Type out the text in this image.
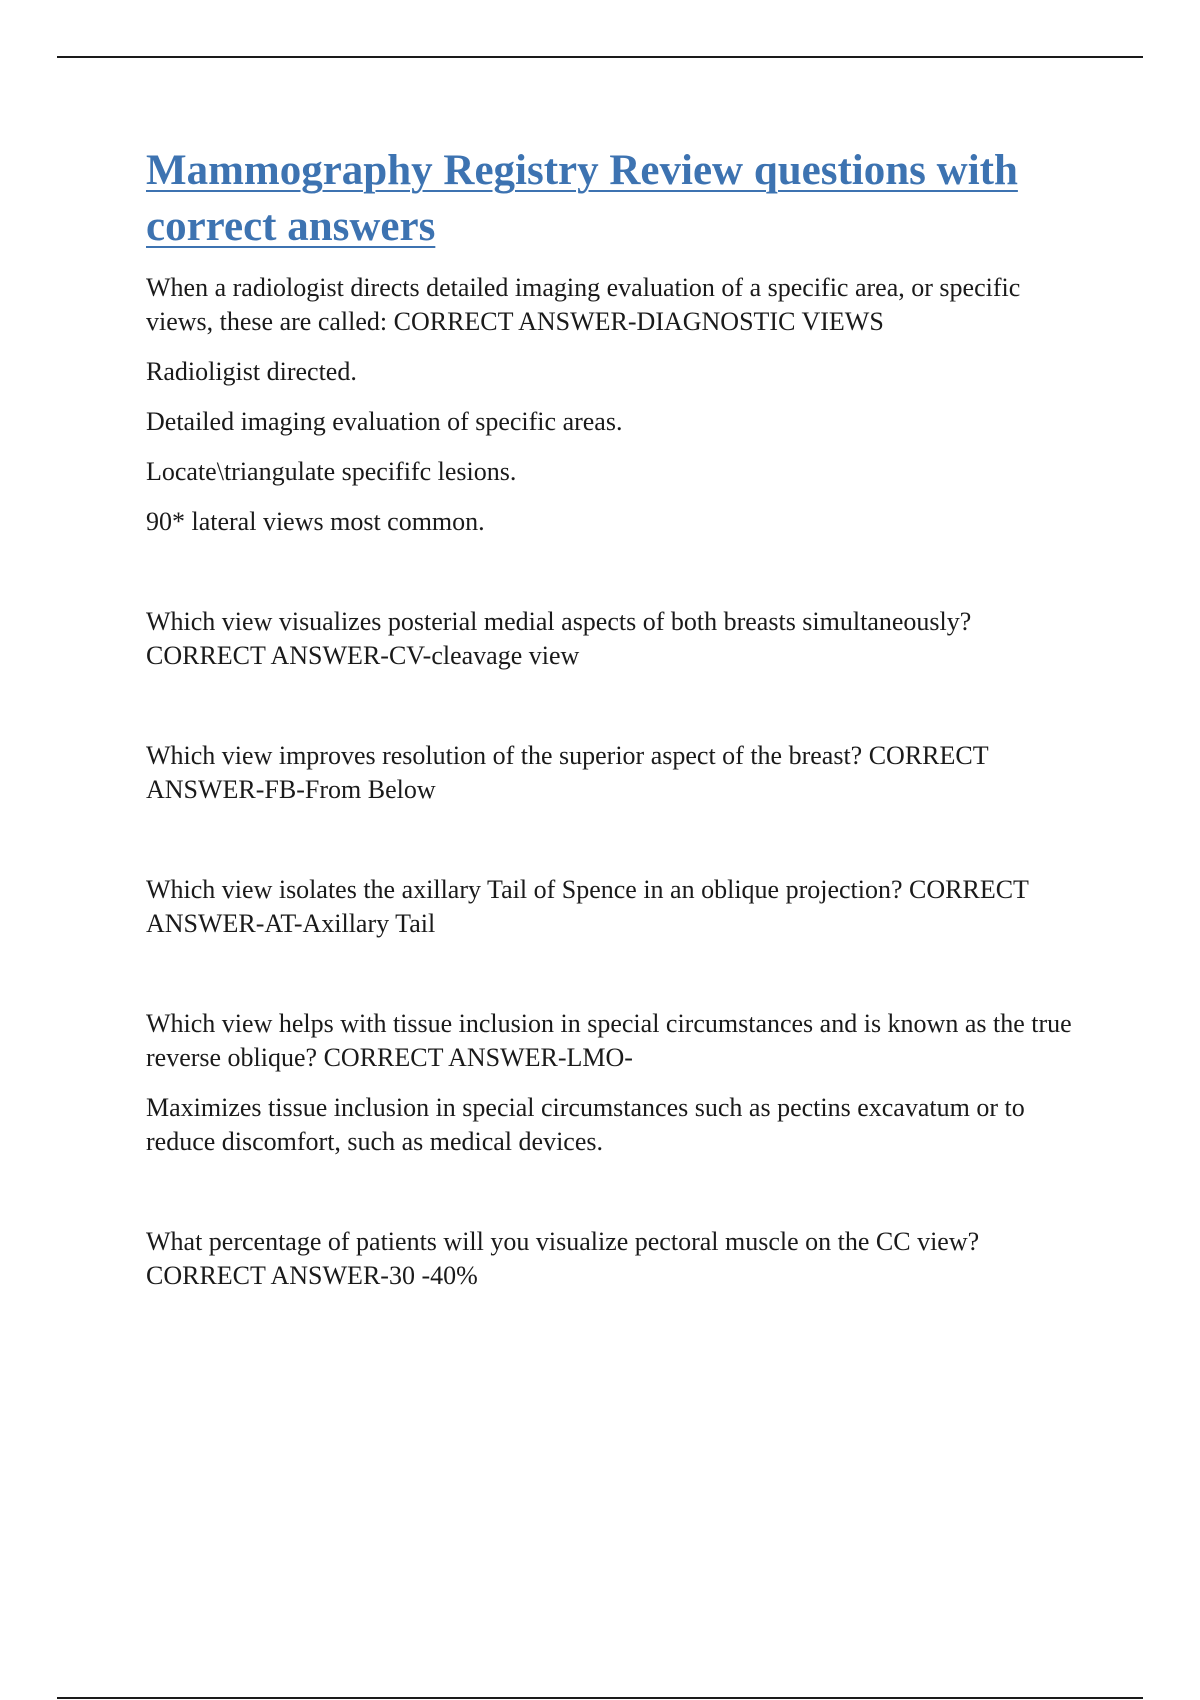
Mammography Registry Review questions with correct answers

When a radiologist directs detailed imaging evaluation of a specific area, or specific views, these are called: CORRECT ANSWER-DIAGNOSTIC VIEWS

Radioligist directed.

Detailed imaging evaluation of specific areas.

Locate\triangulate specififc lesions.

90* lateral views most common.

Which view visualizes posterial medial aspects of both breasts simultaneously? CORRECT ANSWER-CV-cleavage view

Which view improves resolution of the superior aspect of the breast? CORRECT ANSWER-FB-From Below

Which view isolates the axillary Tail of Spence in an oblique projection? CORRECT ANSWER-AT-Axillary Tail

Which view helps with tissue inclusion in special circumstances and is known as the true reverse oblique? CORRECT ANSWER-LMO-

Maximizes tissue inclusion in special circumstances such as pectins excavatum or to reduce discomfort, such as medical devices.

What percentage of patients will you visualize pectoral muscle on the CC view? CORRECT ANSWER-30 -40%
